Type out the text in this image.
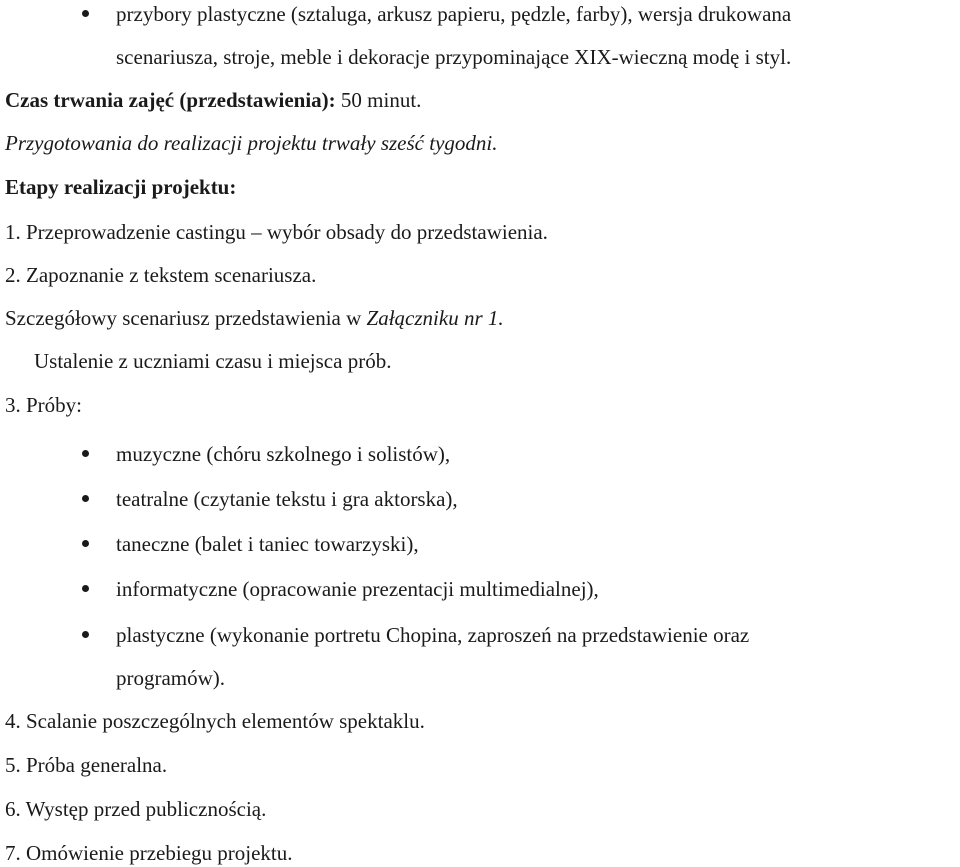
przybory plastyczne (sztaluga, arkusz papieru, pędzle, farby), wersja drukowana
scenariusza, stroje, meble i dekoracje przypominające XIX-wieczną modę i styl.
Czas trwania zajęć (przedstawienia): 50 minut.
Przygotowania do realizacji projektu trwały sześć tygodni.
Etapy realizacji projektu:
1. Przeprowadzenie castingu – wybór obsady do przedstawienia.
2. Zapoznanie z tekstem scenariusza.
Szczegółowy scenariusz przedstawienia w Załączniku nr 1.
Ustalenie z uczniami czasu i miejsca prób.
3. Próby:
muzyczne (chóru szkolnego i solistów),
teatralne (czytanie tekstu i gra aktorska),
taneczne (balet i taniec towarzyski),
informatyczne (opracowanie prezentacji multimedialnej),
plastyczne (wykonanie portretu Chopina, zaproszeń na przedstawienie oraz
programów).
4. Scalanie poszczególnych elementów spektaklu.
5. Próba generalna.
6. Występ przed publicznością.
7. Omówienie przebiegu projektu.
